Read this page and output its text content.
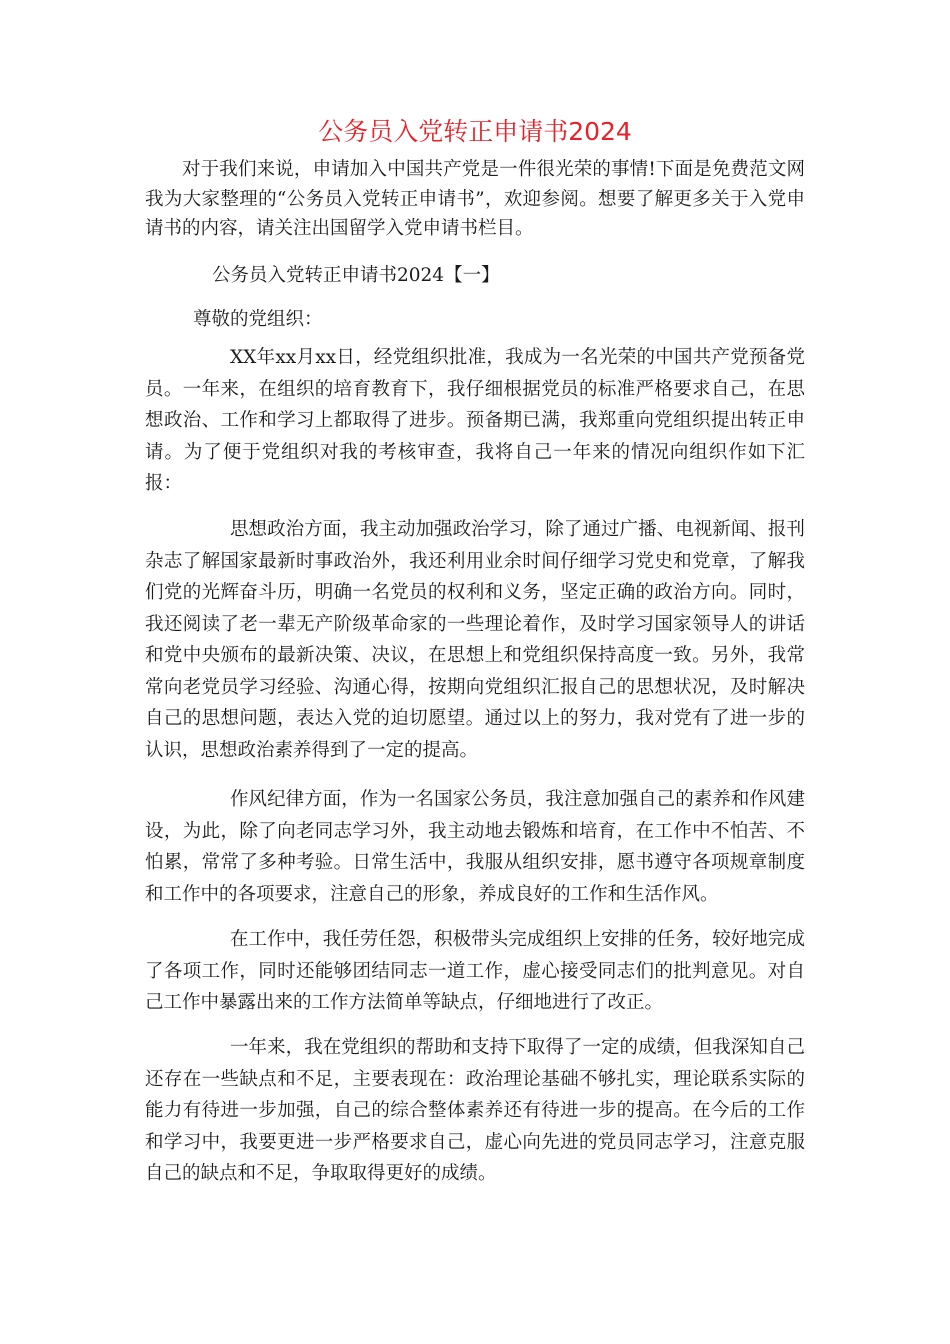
公务员入党转正申请书2024

对于我们来说，申请加入中国共产党是一件很光荣的事情!下面是免费范文网我为大家整理的“公务员入党转正申请书”，欢迎参阅。想要了解更多关于入党申请书的内容，请关注出国留学入党申请书栏目。

公务员入党转正申请书2024【一】

尊敬的党组织：

XX年xx月xx日，经党组织批准，我成为一名光荣的中国共产党预备党员。一年来，在组织的培育教育下，我仔细根据党员的标准严格要求自己，在思想政治、工作和学习上都取得了进步。预备期已满，我郑重向党组织提出转正申请。为了便于党组织对我的考核审查，我将自己一年来的情况向组织作如下汇报：

思想政治方面，我主动加强政治学习，除了通过广播、电视新闻、报刊杂志了解国家最新时事政治外，我还利用业余时间仔细学习党史和党章，了解我们党的光辉奋斗历，明确一名党员的权利和义务，坚定正确的政治方向。同时，我还阅读了老一辈无产阶级革命家的一些理论着作，及时学习国家领导人的讲话和党中央颁布的最新决策、决议，在思想上和党组织保持高度一致。另外，我常常向老党员学习经验、沟通心得，按期向党组织汇报自己的思想状况，及时解决自己的思想问题，表达入党的迫切愿望。通过以上的努力，我对党有了进一步的认识，思想政治素养得到了一定的提高。

作风纪律方面，作为一名国家公务员，我注意加强自己的素养和作风建设，为此，除了向老同志学习外，我主动地去锻炼和培育，在工作中不怕苦、不怕累，常常了多种考验。日常生活中，我服从组织安排，愿书遵守各项规章制度和工作中的各项要求，注意自己的形象，养成良好的工作和生活作风。

在工作中，我任劳任怨，积极带头完成组织上安排的任务，较好地完成了各项工作，同时还能够团结同志一道工作，虚心接受同志们的批判意见。对自己工作中暴露出来的工作方法简单等缺点，仔细地进行了改正。

一年来，我在党组织的帮助和支持下取得了一定的成绩，但我深知自己还存在一些缺点和不足，主要表现在：政治理论基础不够扎实，理论联系实际的能力有待进一步加强，自己的综合整体素养还有待进一步的提高。在今后的工作和学习中，我要更进一步严格要求自己，虚心向先进的党员同志学习，注意克服自己的缺点和不足，争取取得更好的成绩。
